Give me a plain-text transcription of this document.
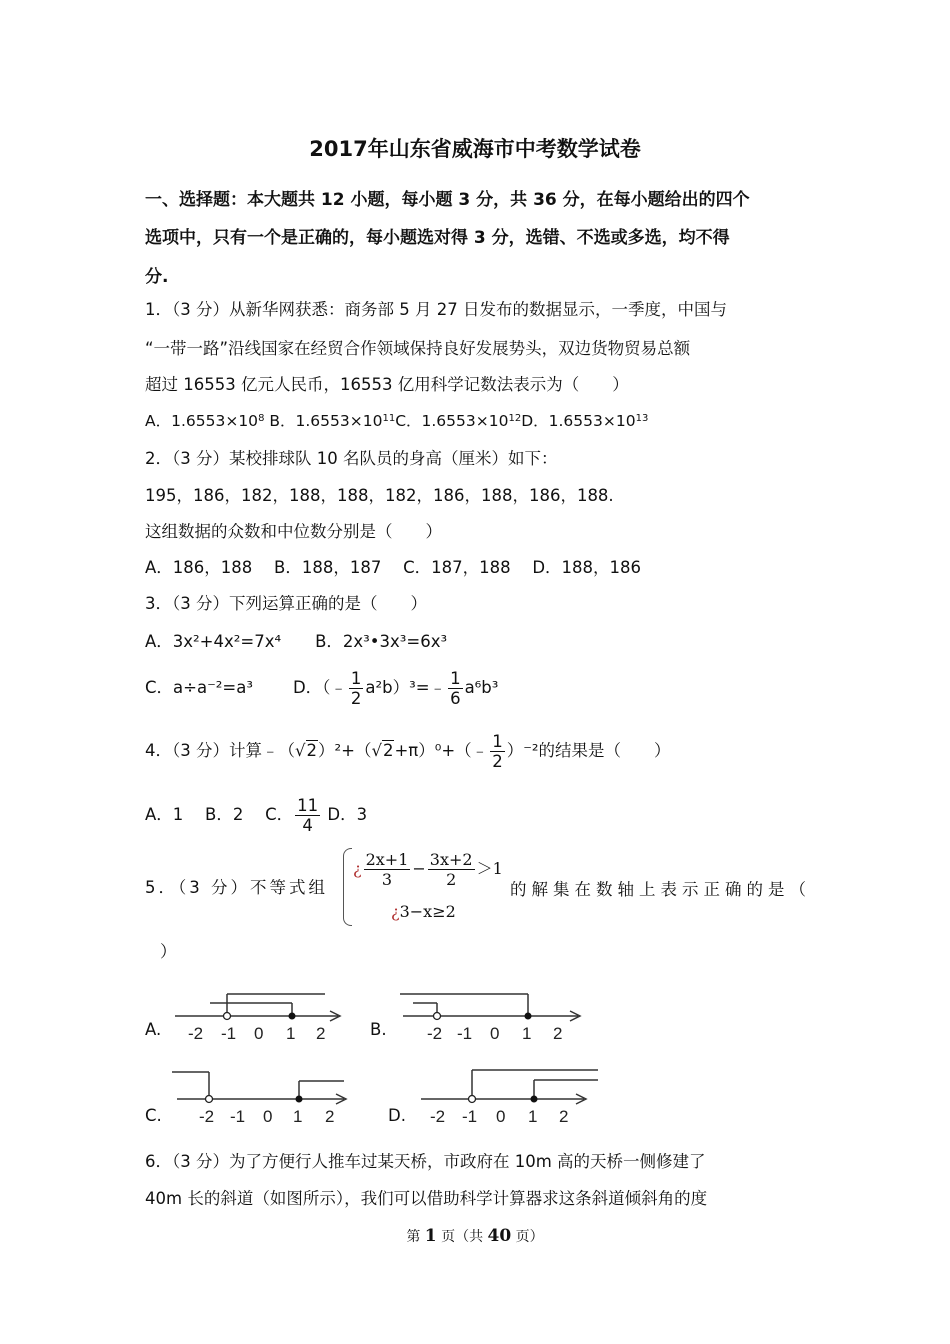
2017年山东省威海市中考数学试卷
一、选择题：本大题共 12 小题，每小题 3 分，共 36 分，在每小题给出的四个
选项中，只有一个是正确的，每小题选对得 3 分，选错、不选或多选，均不得
分.
1．（3 分）从新华网获悉：商务部 5 月 27 日发布的数据显示，一季度，中国与
“一带一路”沿线国家在经贸合作领域保持良好发展势头，双边货物贸易总额
超过 16553 亿元人民币，16553 亿用科学记数法表示为（　　）
A．$1.6553\times 10^8$ B．$1.6553\times 10^{11}C$．$1.6553\times 10^{12}D$．$1.6553\times 10^{13}$
2．（3 分）某校排球队 10 名队员的身高（厘米）如下：
195，186，182，188，188，182，186，188，186，188.
这组数据的众数和中位数分别是（　　）
A．186，188　 B．188，187　 C．187，188　 D．188，186
3．（3 分）下列运算正确的是（　　）
A．3x²+4x²=7x⁴ B．2x³•3x³=6x³
C．a÷a⁻²=a³ D．（﹣ $\frac{1}{2}$ a²b）³=﹣ $\frac{1}{6} a^6b^3$
4．（3 分）计算﹣（√2）²+（√2+π）⁰+（﹣ $\frac{1}{2} )^{-2}$的结果是（　　）
A．1　 B．2　 C． $\frac{11}{4}$ D．3
5．（3 分）不等式组
¿ $\frac{2x+1}{3} - \frac{3x+2}{2} >1$
¿3−x≥2
的解集在数轴上表示正确的是（
）
A. -2 -1 0 1 2	B. -2 -1 0 1 2
C. -2 -1 0 1 2	D. -2 -1 0 1 2
6．（3 分）为了方便行人推车过某天桥，市政府在 10m 高的天桥一侧修建了
40m 长的斜道（如图所示），我们可以借助科学计算器求这条斜道倾斜角的度
第 1 页（共 40 页）
